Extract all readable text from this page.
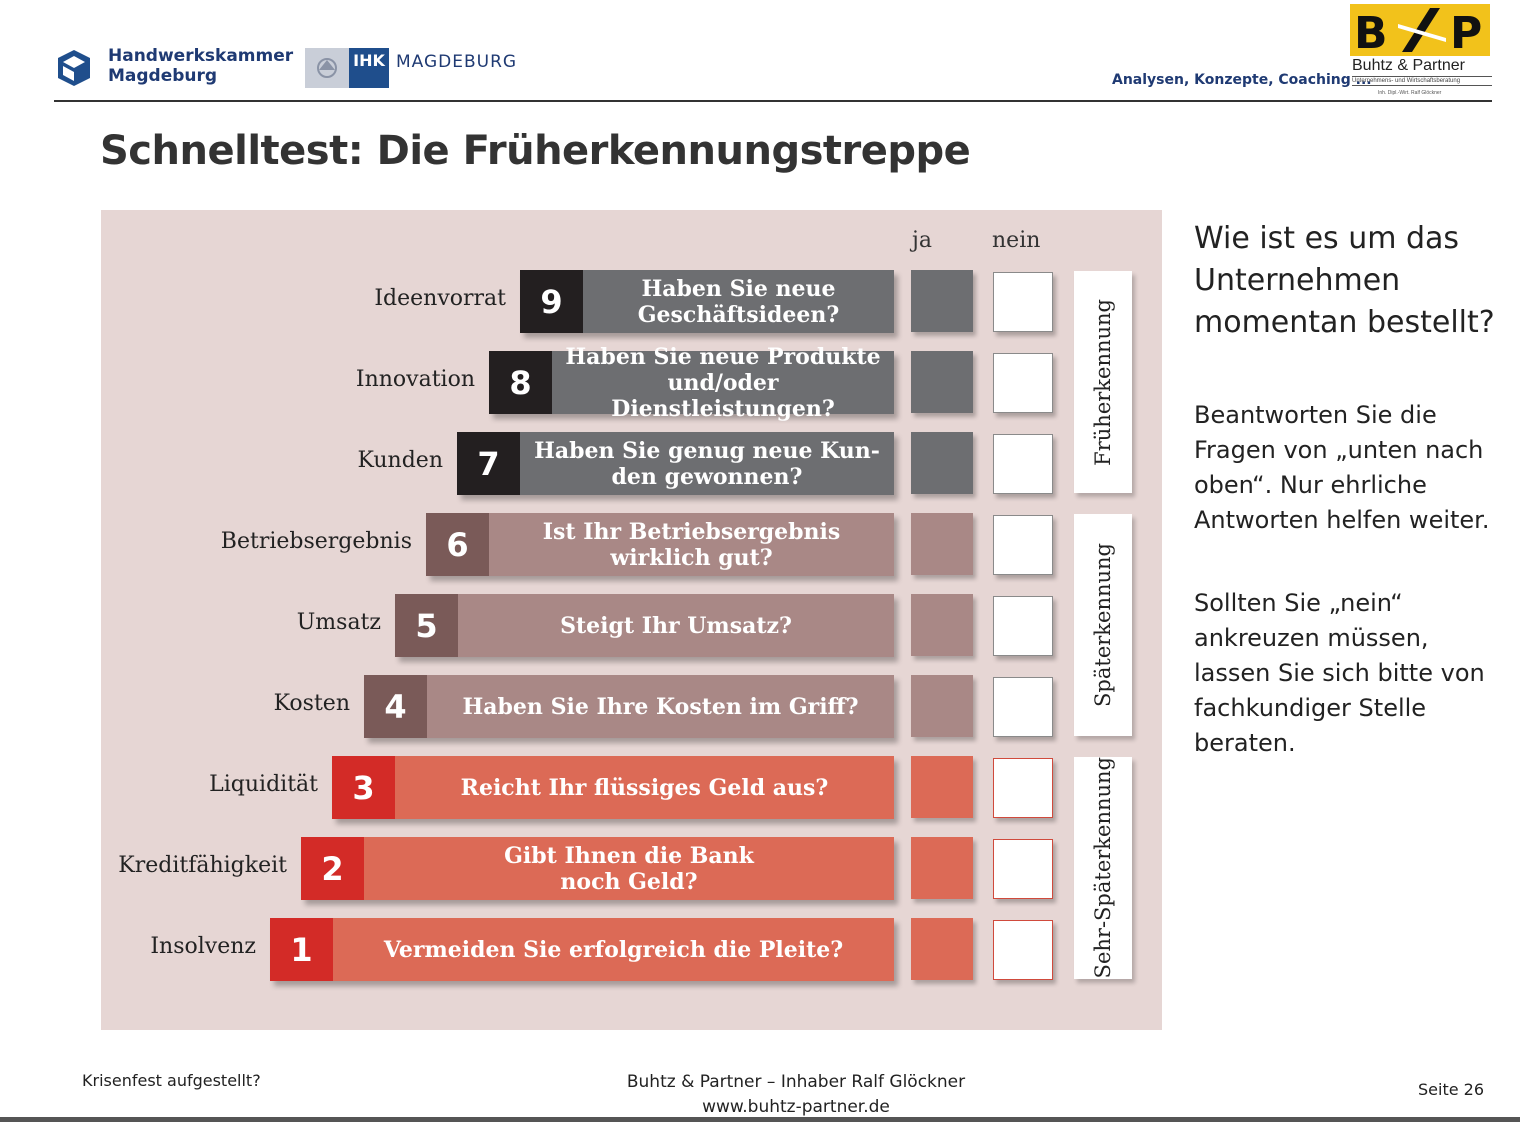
Handwerkskammer
Magdeburg
IHK MAGDEBURG
Analysen, Konzepte, Coaching ...
B P
Buhtz & Partner
Unternehmens- und Wirtschaftsberatung
Inh. Dipl.-Wirt. Ralf Glöckner
Schnelltest: Die Früherkennungstreppe
ja	nein
Ideenvorrat	9	Haben Sie neue
Geschäftsideen?
Innovation	8
Haben Sie neue Produkte
und/oder Dienstleistungen?
Kunden	7	Haben Sie genug neue Kun-
den gewonnen?
Betriebsergebnis	6	Ist Ihr Betriebsergebnis
wirklich gut?
Umsatz	5	Steigt Ihr Umsatz?
Kosten	4	Haben Sie Ihre Kosten im Griff?
Liquidität	3	Reicht Ihr flüssiges Geld aus?
Kreditfähigkeit	2	Gibt Ihnen die Bank
noch Geld?
Insolvenz	1	Vermeiden Sie erfolgreich die Pleite?
Früherkennung
Späterkennung
Sehr-Späterkennung
Wie ist es um das Unternehmen momentan bestellt?
Beantworten Sie die Fragen von „unten nach oben“. Nur ehrliche Antworten helfen weiter.
Sollten Sie „nein“ ankreuzen müssen, lassen Sie sich bitte von fachkundiger Stelle beraten.
Krisenfest aufgestellt?	Buhtz & Partner – Inhaber Ralf Glöckner
www.buhtz-partner.de
Seite 26
